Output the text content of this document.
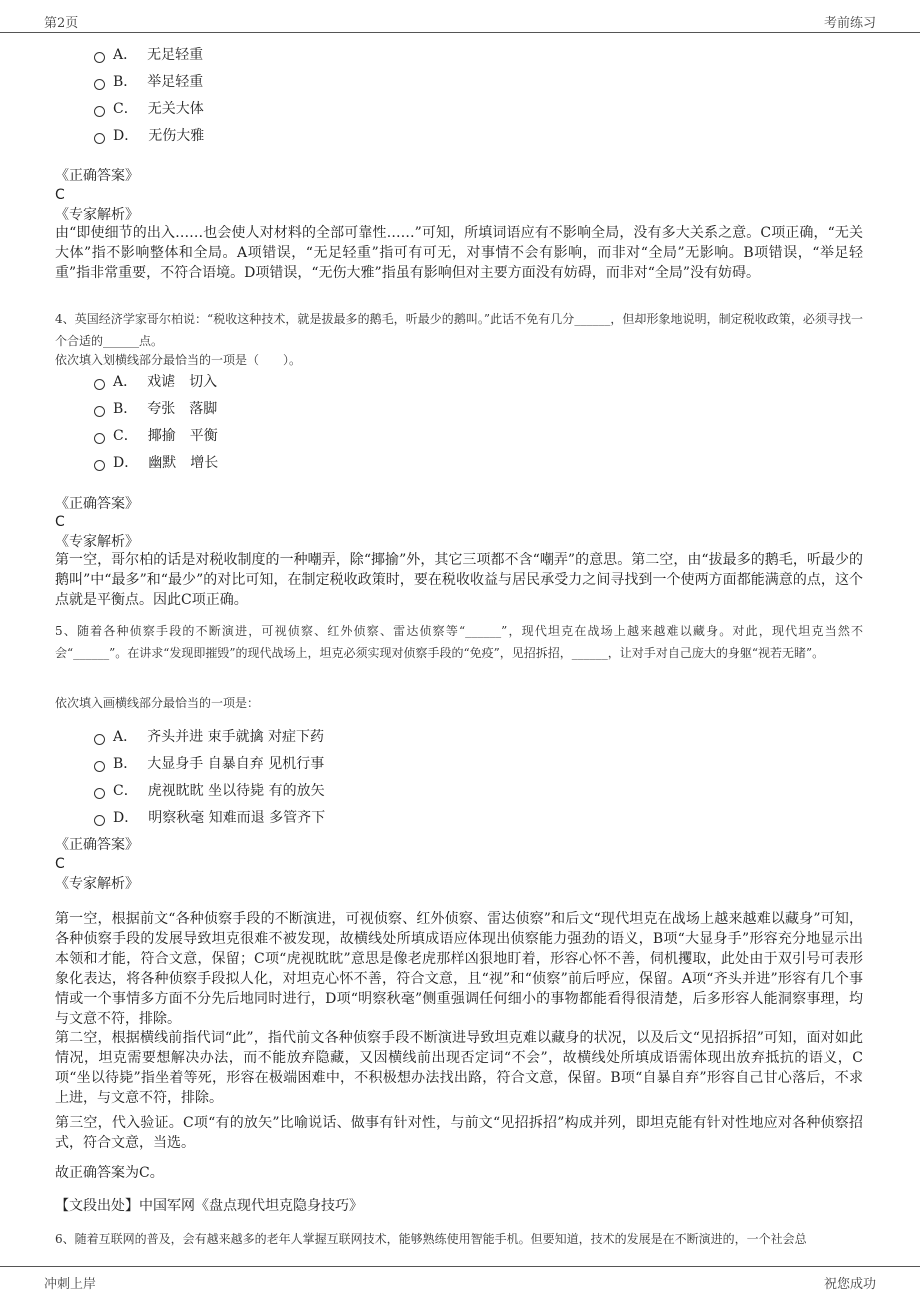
第2页	考前练习
A． 无足轻重
B． 举足轻重
C． 无关大体
D． 无伤大雅
《正确答案》
C
《专家解析》
由“即使细节的出入……也会使人对材料的全部可靠性……”可知，所填词语应有不影响全局，没有多大关系之意。C项正确，“无关大体”指不影响整体和全局。A项错误，“无足轻重”指可有可无，对事情不会有影响，而非对“全局”无影响。B项错误，“举足轻重”指非常重要，不符合语境。D项错误，“无伤大雅”指虽有影响但对主要方面没有妨碍，而非对“全局”没有妨碍。
4、英国经济学家哥尔柏说：“税收这种技术，就是拔最多的鹅毛，听最少的鹅叫。”此话不免有几分______，但却形象地说明，制定税收政策，必须寻找一个合适的______点。
依次填入划横线部分最恰当的一项是（　　）。
A． 戏谑　切入
B． 夸张　落脚
C． 揶揄　平衡
D． 幽默　增长
《正确答案》
C
《专家解析》
第一空，哥尔柏的话是对税收制度的一种嘲弄，除“揶揄”外，其它三项都不含“嘲弄”的意思。第二空，由“拔最多的鹅毛，听最少的鹅叫”中“最多”和“最少”的对比可知，在制定税收政策时，要在税收收益与居民承受力之间寻找到一个使两方面都能满意的点，这个点就是平衡点。因此C项正确。
5、随着各种侦察手段的不断演进，可视侦察、红外侦察、雷达侦察等“______”，现代坦克在战场上越来越难以藏身。对此，现代坦克当然不会“______”。在讲求“发现即摧毁”的现代战场上，坦克必须实现对侦察手段的“免疫”，见招拆招，______，让对手对自己庞大的身躯“视若无睹”。
依次填入画横线部分最恰当的一项是：
A． 齐头并进 束手就擒 对症下药
B． 大显身手 自暴自弃 见机行事
C． 虎视眈眈 坐以待毙 有的放矢
D． 明察秋毫 知难而退 多管齐下
《正确答案》
C
《专家解析》
第一空，根据前文“各种侦察手段的不断演进，可视侦察、红外侦察、雷达侦察”和后文“现代坦克在战场上越来越难以藏身”可知，各种侦察手段的发展导致坦克很难不被发现，故横线处所填成语应体现出侦察能力强劲的语义，B项“大显身手”形容充分地显示出本领和才能，符合文意，保留；C项“虎视眈眈”意思是像老虎那样凶狠地盯着，形容心怀不善，伺机攫取，此处由于双引号可表形象化表达，将各种侦察手段拟人化，对坦克心怀不善，符合文意，且“视”和“侦察”前后呼应，保留。A项“齐头并进”形容有几个事情或一个事情多方面不分先后地同时进行，D项“明察秋毫”侧重强调任何细小的事物都能看得很清楚，后多形容人能洞察事理，均与文意不符，排除。
第二空，根据横线前指代词“此”，指代前文各种侦察手段不断演进导致坦克难以藏身的状况，以及后文“见招拆招”可知，面对如此情况，坦克需要想解决办法，而不能放弃隐藏，又因横线前出现否定词“不会”，故横线处所填成语需体现出放弃抵抗的语义，C项“坐以待毙”指坐着等死，形容在极端困难中，不积极想办法找出路，符合文意，保留。B项“自暴自弃”形容自己甘心落后，不求上进，与文意不符，排除。
第三空，代入验证。C项“有的放矢”比喻说话、做事有针对性，与前文“见招拆招”构成并列，即坦克能有针对性地应对各种侦察招式，符合文意，当选。
故正确答案为C。
【文段出处】中国军网《盘点现代坦克隐身技巧》
6、随着互联网的普及，会有越来越多的老年人掌握互联网技术，能够熟练使用智能手机。但要知道，技术的发展是在不断演进的，一个社会总
冲刺上岸	祝您成功
